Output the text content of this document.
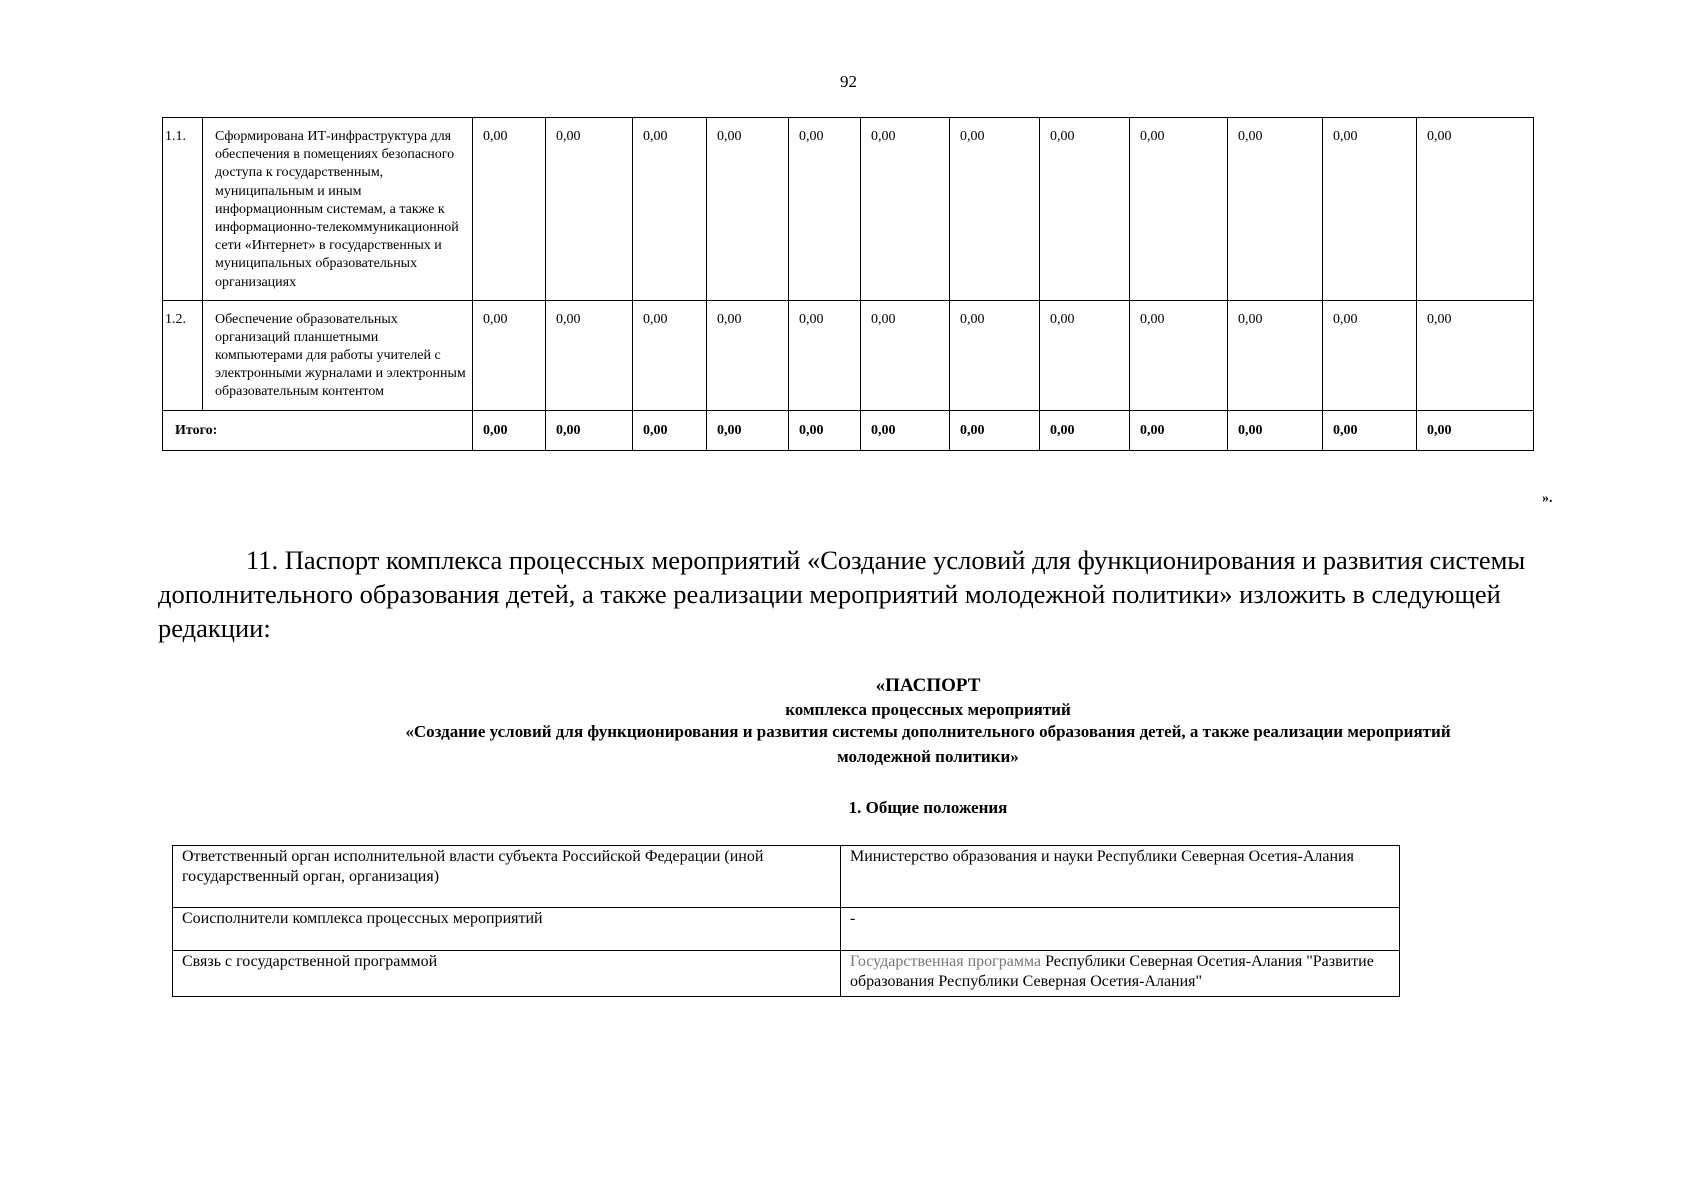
92
1.1.	Сформирована ИТ-инфраструктура для обеспечения в помещениях безопасного доступа к государственным, муниципальным и иным информационным системам, а также к информационно-телекоммуникационной сети «Интернет» в государственных и муниципальных образовательных организациях	0,00	0,00	0,00	0,00	0,00	0,00	0,00	0,00	0,00	0,00	0,00	0,00
1.2.	Обеспечение образовательных организаций планшетными компьютерами для работы учителей с электронными журналами и электронным образовательным контентом	0,00	0,00	0,00	0,00	0,00	0,00	0,00	0,00	0,00	0,00	0,00	0,00
Итого:		0,00	0,00	0,00	0,00	0,00	0,00	0,00	0,00	0,00	0,00	0,00	0,00
».
11. Паспорт комплекса процессных мероприятий «Создание условий для функционирования и развития системы дополнительного образования детей, а также реализации мероприятий молодежной политики» изложить в следующей редакции:
«ПАСПОРТ
комплекса процессных мероприятий
«Создание условий для функционирования и развития системы дополнительного образования детей, а также реализации мероприятий
молодежной политики»
1. Общие положения
Ответственный орган исполнительной власти субъекта Российской Федерации (иной государственный орган, организация)	Министерство образования и науки Республики Северная Осетия-Алания
Соисполнители комплекса процессных мероприятий	-
Связь с государственной программой	Государственная программа Республики Северная Осетия-Алания "Развитие образования Республики Северная Осетия-Алания"
